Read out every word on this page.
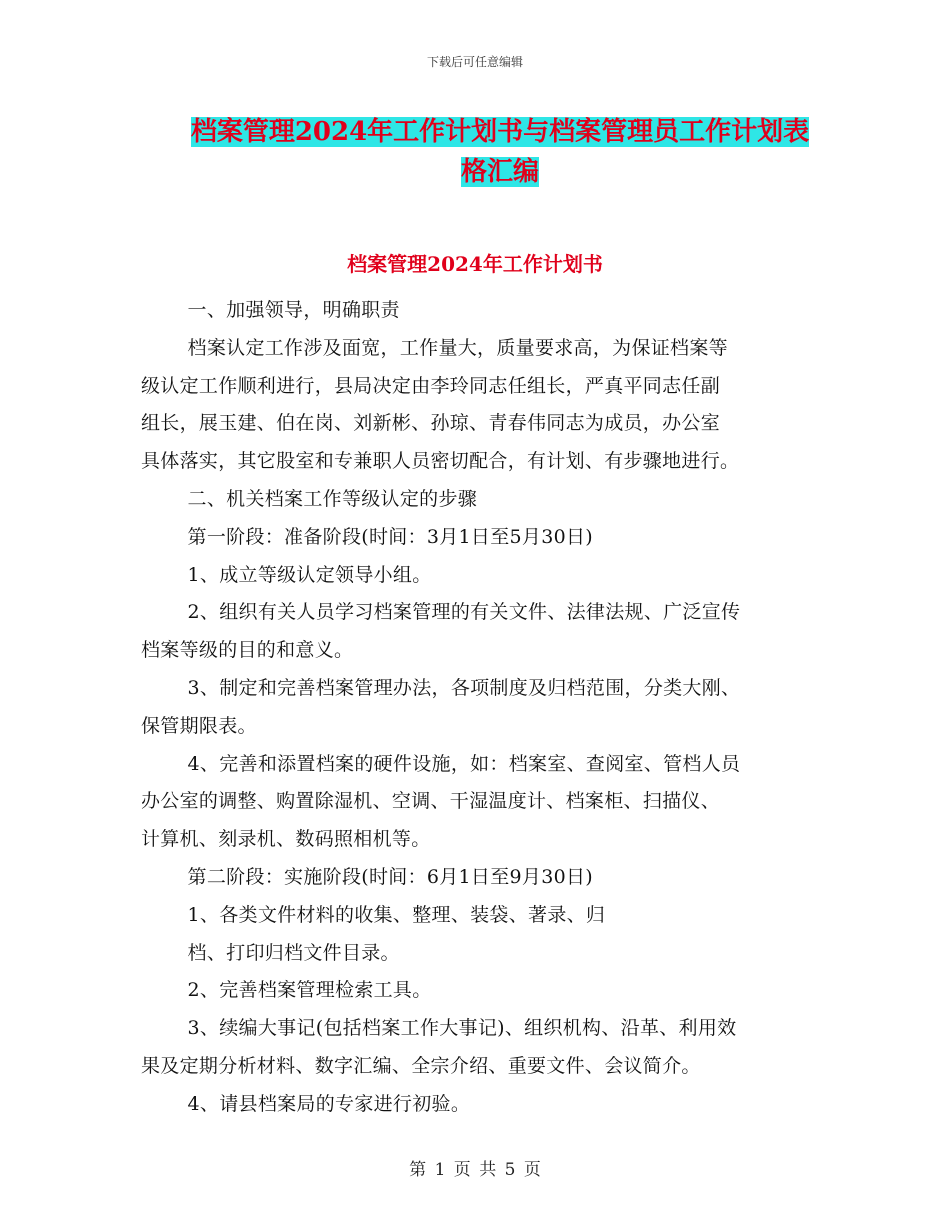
下载后可任意编辑
档案管理2024年工作计划书与档案管理员工作计划表
格汇编
档案管理2024年工作计划书

一、加强领导，明确职责

档案认定工作涉及面宽，工作量大，质量要求高，为保证档案等

级认定工作顺利进行，县局决定由李玲同志任组长，严真平同志任副

组长，展玉建、伯在岗、刘新彬、孙琼、青春伟同志为成员，办公室

具体落实，其它股室和专兼职人员密切配合，有计划、有步骤地进行。

二、机关档案工作等级认定的步骤

第一阶段：准备阶段(时间：3月1日至5月30日)

1、成立等级认定领导小组。

2、组织有关人员学习档案管理的有关文件、法律法规、广泛宣传

档案等级的目的和意义。

3、制定和完善档案管理办法，各项制度及归档范围，分类大刚、

保管期限表。

4、完善和添置档案的硬件设施，如：档案室、查阅室、管档人员

办公室的调整、购置除湿机、空调、干湿温度计、档案柜、扫描仪、

计算机、刻录机、数码照相机等。

第二阶段：实施阶段(时间：6月1日至9月30日)

1、各类文件材料的收集、整理、装袋、著录、归

档、打印归档文件目录。

2、完善档案管理检索工具。

3、续编大事记(包括档案工作大事记)、组织机构、沿革、利用效

果及定期分析材料、数字汇编、全宗介绍、重要文件、会议简介。

4、请县档案局的专家进行初验。

第 1 页 共 5 页
